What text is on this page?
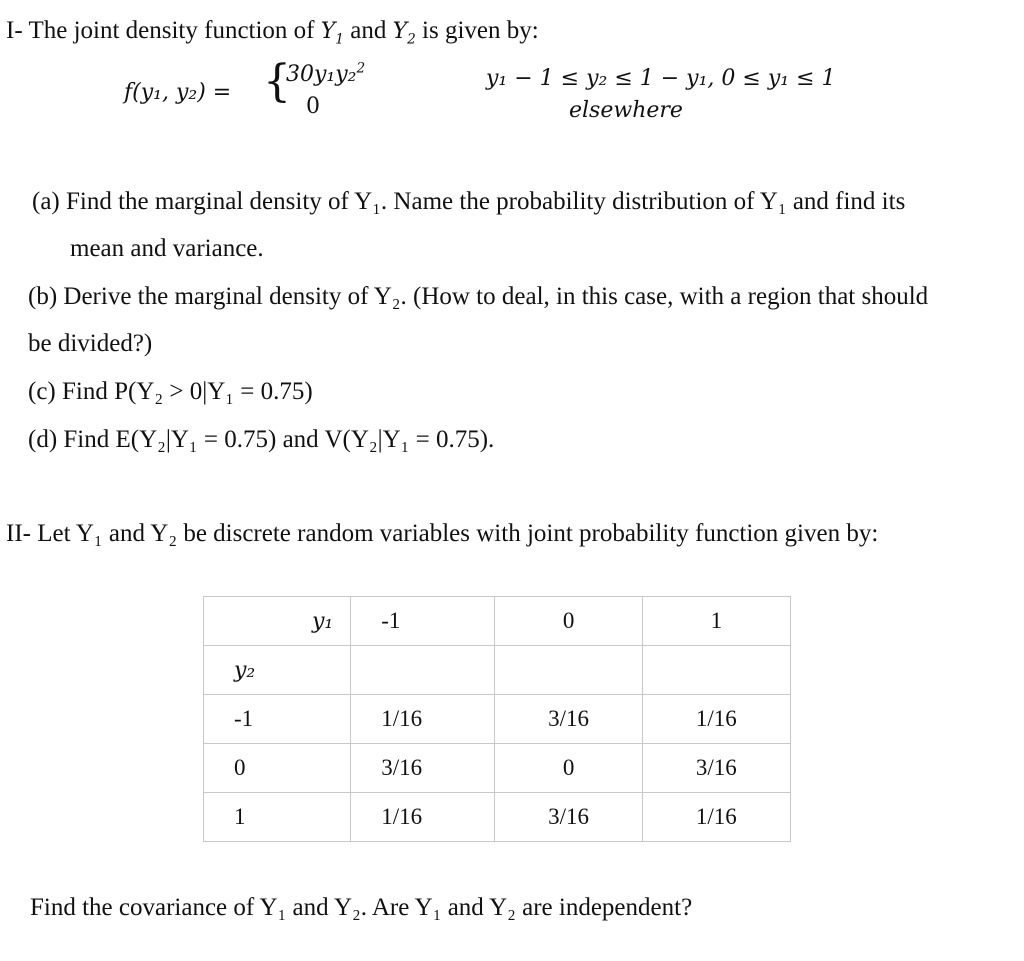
I- The joint density function of $Y_1$ and $Y_2$ is given by:
f(y₁, y₂) = {
30y₁y₂$^2$
0
y₁ − 1 ≤ y₂ ≤ 1 − y₁, 0 ≤ y₁ ≤ 1
elsewhere
(a) Find the marginal density of Y₁. Name the probability distribution of Y₁ and find its
mean and variance.
(b) Derive the marginal density of Y₂. (How to deal, in this case, with a region that should
be divided?)
(c) Find P(Y₂ > 0|Y₁ = 0.75)
(d) Find E(Y₂|Y₁ = 0.75) and V(Y₂|Y₁ = 0.75).
II- Let Y₁ and Y₂ be discrete random variables with joint probability function given by:
y₁	-1	0	1

y₂			

-1	1/16	3/16	1/16

0	3/16	0	3/16

1	1/16	3/16	1/16
Find the covariance of Y₁ and Y₂. Are Y₁ and Y₂ are independent?
